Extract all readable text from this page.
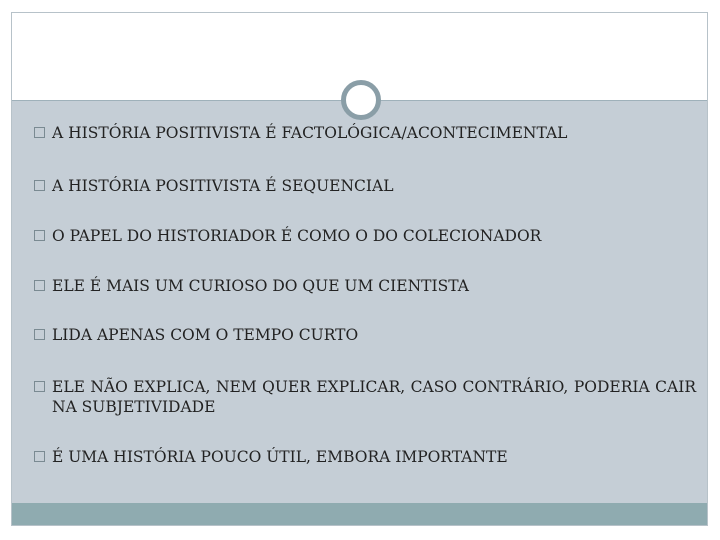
A HISTÓRIA POSITIVISTA É FACTOLÓGICA/ACONTECIMENTAL
A HISTÓRIA POSITIVISTA É SEQUENCIAL
O PAPEL DO HISTORIADOR É COMO O DO COLECIONADOR
ELE É MAIS UM CURIOSO DO QUE UM CIENTISTA
LIDA APENAS COM O TEMPO CURTO
ELE NÃO EXPLICA, NEM QUER EXPLICAR, CASO CONTRÁRIO, PODERIA CAIR NA SUBJETIVIDADE
É UMA HISTÓRIA POUCO ÚTIL, EMBORA IMPORTANTE
